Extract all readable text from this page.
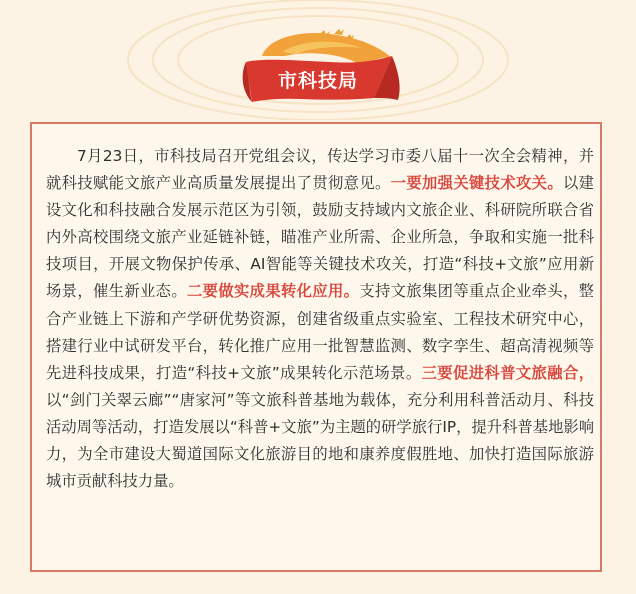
市科技局

7月23日，市科技局召开党组会议，传达学习市委八届十一次全会精神，并就科技赋能文旅产业高质量发展提出了贯彻意见。一要加强关键技术攻关。以建设文化和科技融合发展示范区为引领，鼓励支持域内文旅企业、科研院所联合省内外高校围绕文旅产业延链补链，瞄准产业所需、企业所急，争取和实施一批科技项目，开展文物保护传承、AI智能等关键技术攻关，打造“科技+文旅”应用新场景，催生新业态。二要做实成果转化应用。支持文旅集团等重点企业牵头，整合产业链上下游和产学研优势资源，创建省级重点实验室、工程技术研究中心，搭建行业中试研发平台，转化推广应用一批智慧监测、数字孪生、超高清视频等先进科技成果，打造“科技+文旅”成果转化示范场景。三要促进科普文旅融合，以“剑门关翠云廊”“唐家河”等文旅科普基地为载体，充分利用科普活动月、科技活动周等活动，打造发展以“科普+文旅”为主题的研学旅行IP，提升科普基地影响力，为全市建设大蜀道国际文化旅游目的地和康养度假胜地、加快打造国际旅游城市贡献科技力量。
